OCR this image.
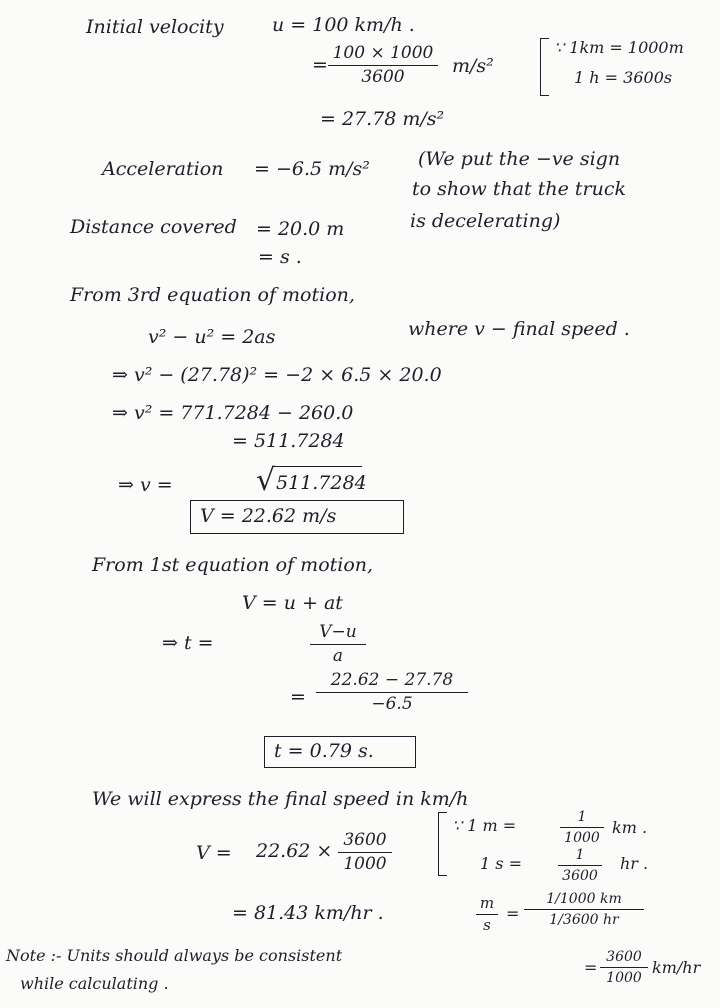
Initial velocity	u = 100 km/h .
=
100 × 1000
3600	m/s²
∵ 1km = 1000m
1 h = 3600s
= 27.78 m/s²
Acceleration = −6.5 m/s²	(We put the −ve sign
to show that the truck
is decelerating)
Distance covered = 20.0 m
= s .
From 3rd equation of motion,
v² − u² = 2as	where v − final speed .
⇒ v² − (27.78)² = −2 × 6.5 × 20.0
⇒ v² = 771.7284 − 260.0
= 511.7284
⇒ v =	√ 511.7284
V = 22.62 m/s
From 1st equation of motion,
V = u + at
⇒ t =	V−u
a
=
22.62 − 27.78
−6.5
t = 0.79 s.
We will express the final speed in km/h
V = 22.62 × 3600
1000
∵ 1 m =	1
1000
km .
1 s =	1
3600
hr .
= 81.43 km/hr .	m
s
=
1/1000 km
1/3600 hr
=
3600
1000
km/hr
Note :- Units should always be consistent
while calculating .
